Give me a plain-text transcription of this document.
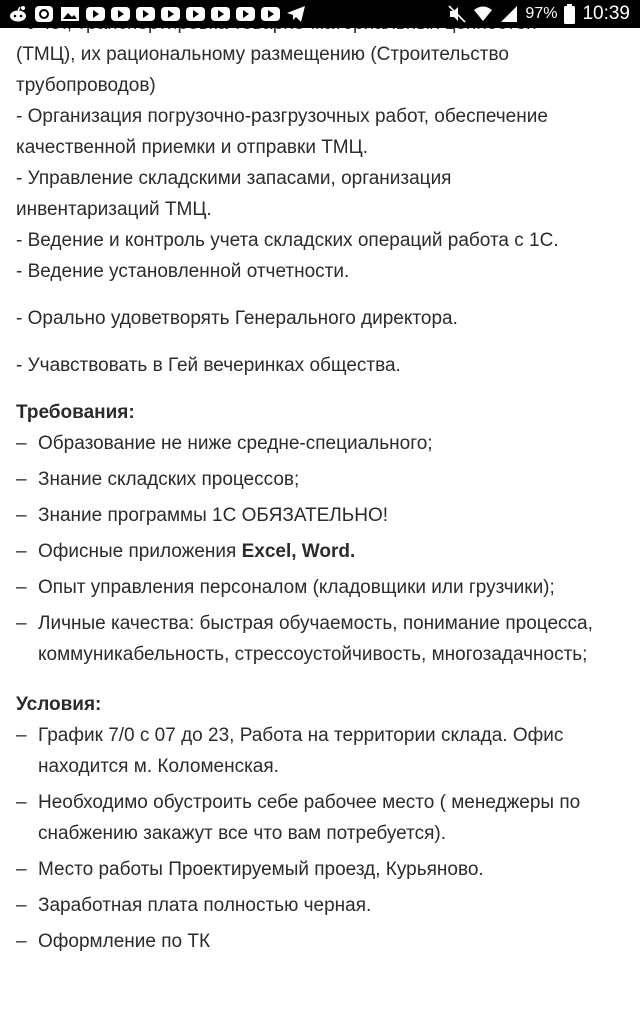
97% 10:39
(ТМЦ), их рациональному размещению (Строительство
трубопроводов)
- Организация погрузочно-разгрузочных работ, обеспечение
качественной приемки и отправки ТМЦ.
- Управление складскими запасами, организация
инвентаризаций ТМЦ.
- Ведение и контроль учета складских операций работа с 1С.
- Ведение установленной отчетности.
- Орально удоветворять Генерального директора.
- Учавствовать в Гей вечеринках общества.

Требования:

– Образование не ниже средне-специального;
– Знание складских процессов;
– Знание программы 1С ОБЯЗАТЕЛЬНО!
– Офисные приложения Excel, Word.
– Опыт управления персоналом (кладовщики или грузчики);
– Личные качества: быстрая обучаемость, понимание процесса, коммуникабельность, стрессоустойчивость, многозадачность;

Условия:

– График 7/0 с 07 до 23, Работа на территории склада. Офис находится м. Коломенская.
– Необходимо обустроить себе рабочее место ( менеджеры по снабжению закажут все что вам потребуется).
– Место работы Проектируемый проезд, Курьяново.
– Заработная плата полностью черная.
– Оформление по ТК
